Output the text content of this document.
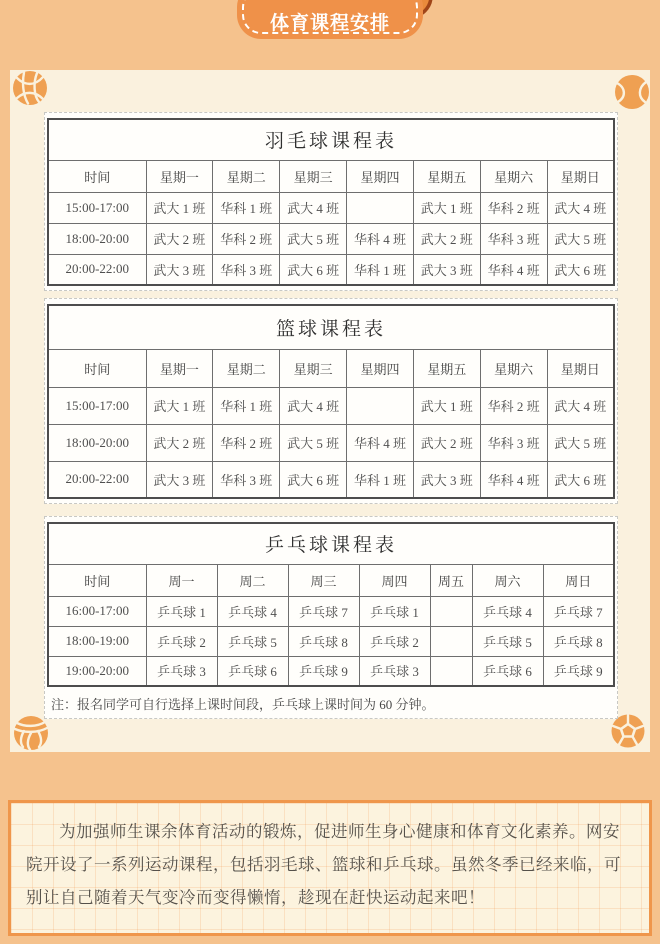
体育课程安排
羽毛球课程表							
时间	星期一	星期二	星期三	星期四	星期五	星期六	星期日
15:00-17:00	武大 1 班	华科 1 班	武大 4 班		武大 1 班	华科 2 班	武大 4 班
18:00-20:00	武大 2 班	华科 2 班	武大 5 班	华科 4 班	武大 2 班	华科 3 班	武大 5 班
20:00-22:00	武大 3 班	华科 3 班	武大 6 班	华科 1 班	武大 3 班	华科 4 班	武大 6 班
篮球课程表							
时间	星期一	星期二	星期三	星期四	星期五	星期六	星期日
15:00-17:00	武大 1 班	华科 1 班	武大 4 班		武大 1 班	华科 2 班	武大 4 班
18:00-20:00	武大 2 班	华科 2 班	武大 5 班	华科 4 班	武大 2 班	华科 3 班	武大 5 班
20:00-22:00	武大 3 班	华科 3 班	武大 6 班	华科 1 班	武大 3 班	华科 4 班	武大 6 班
乒乓球课程表							
时间	周一	周二	周三	周四	周五	周六	周日
16:00-17:00	乒乓球 1	乒乓球 4	乒乓球 7	乒乓球 1		乒乓球 4	乒乓球 7
18:00-19:00	乒乓球 2	乒乓球 5	乒乓球 8	乒乓球 2		乒乓球 5	乒乓球 8
19:00-20:00	乒乓球 3	乒乓球 6	乒乓球 9	乒乓球 3		乒乓球 6	乒乓球 9

注：报名同学可自行选择上课时间段，乒乓球上课时间为 60 分钟。

为加强师生课余体育活动的锻炼，促进师生身心健康和体育文化素养。网安院开设了一系列运动课程，包括羽毛球、篮球和乒乓球。虽然冬季已经来临，可别让自己随着天气变冷而变得懒惰，趁现在赶快运动起来吧！
